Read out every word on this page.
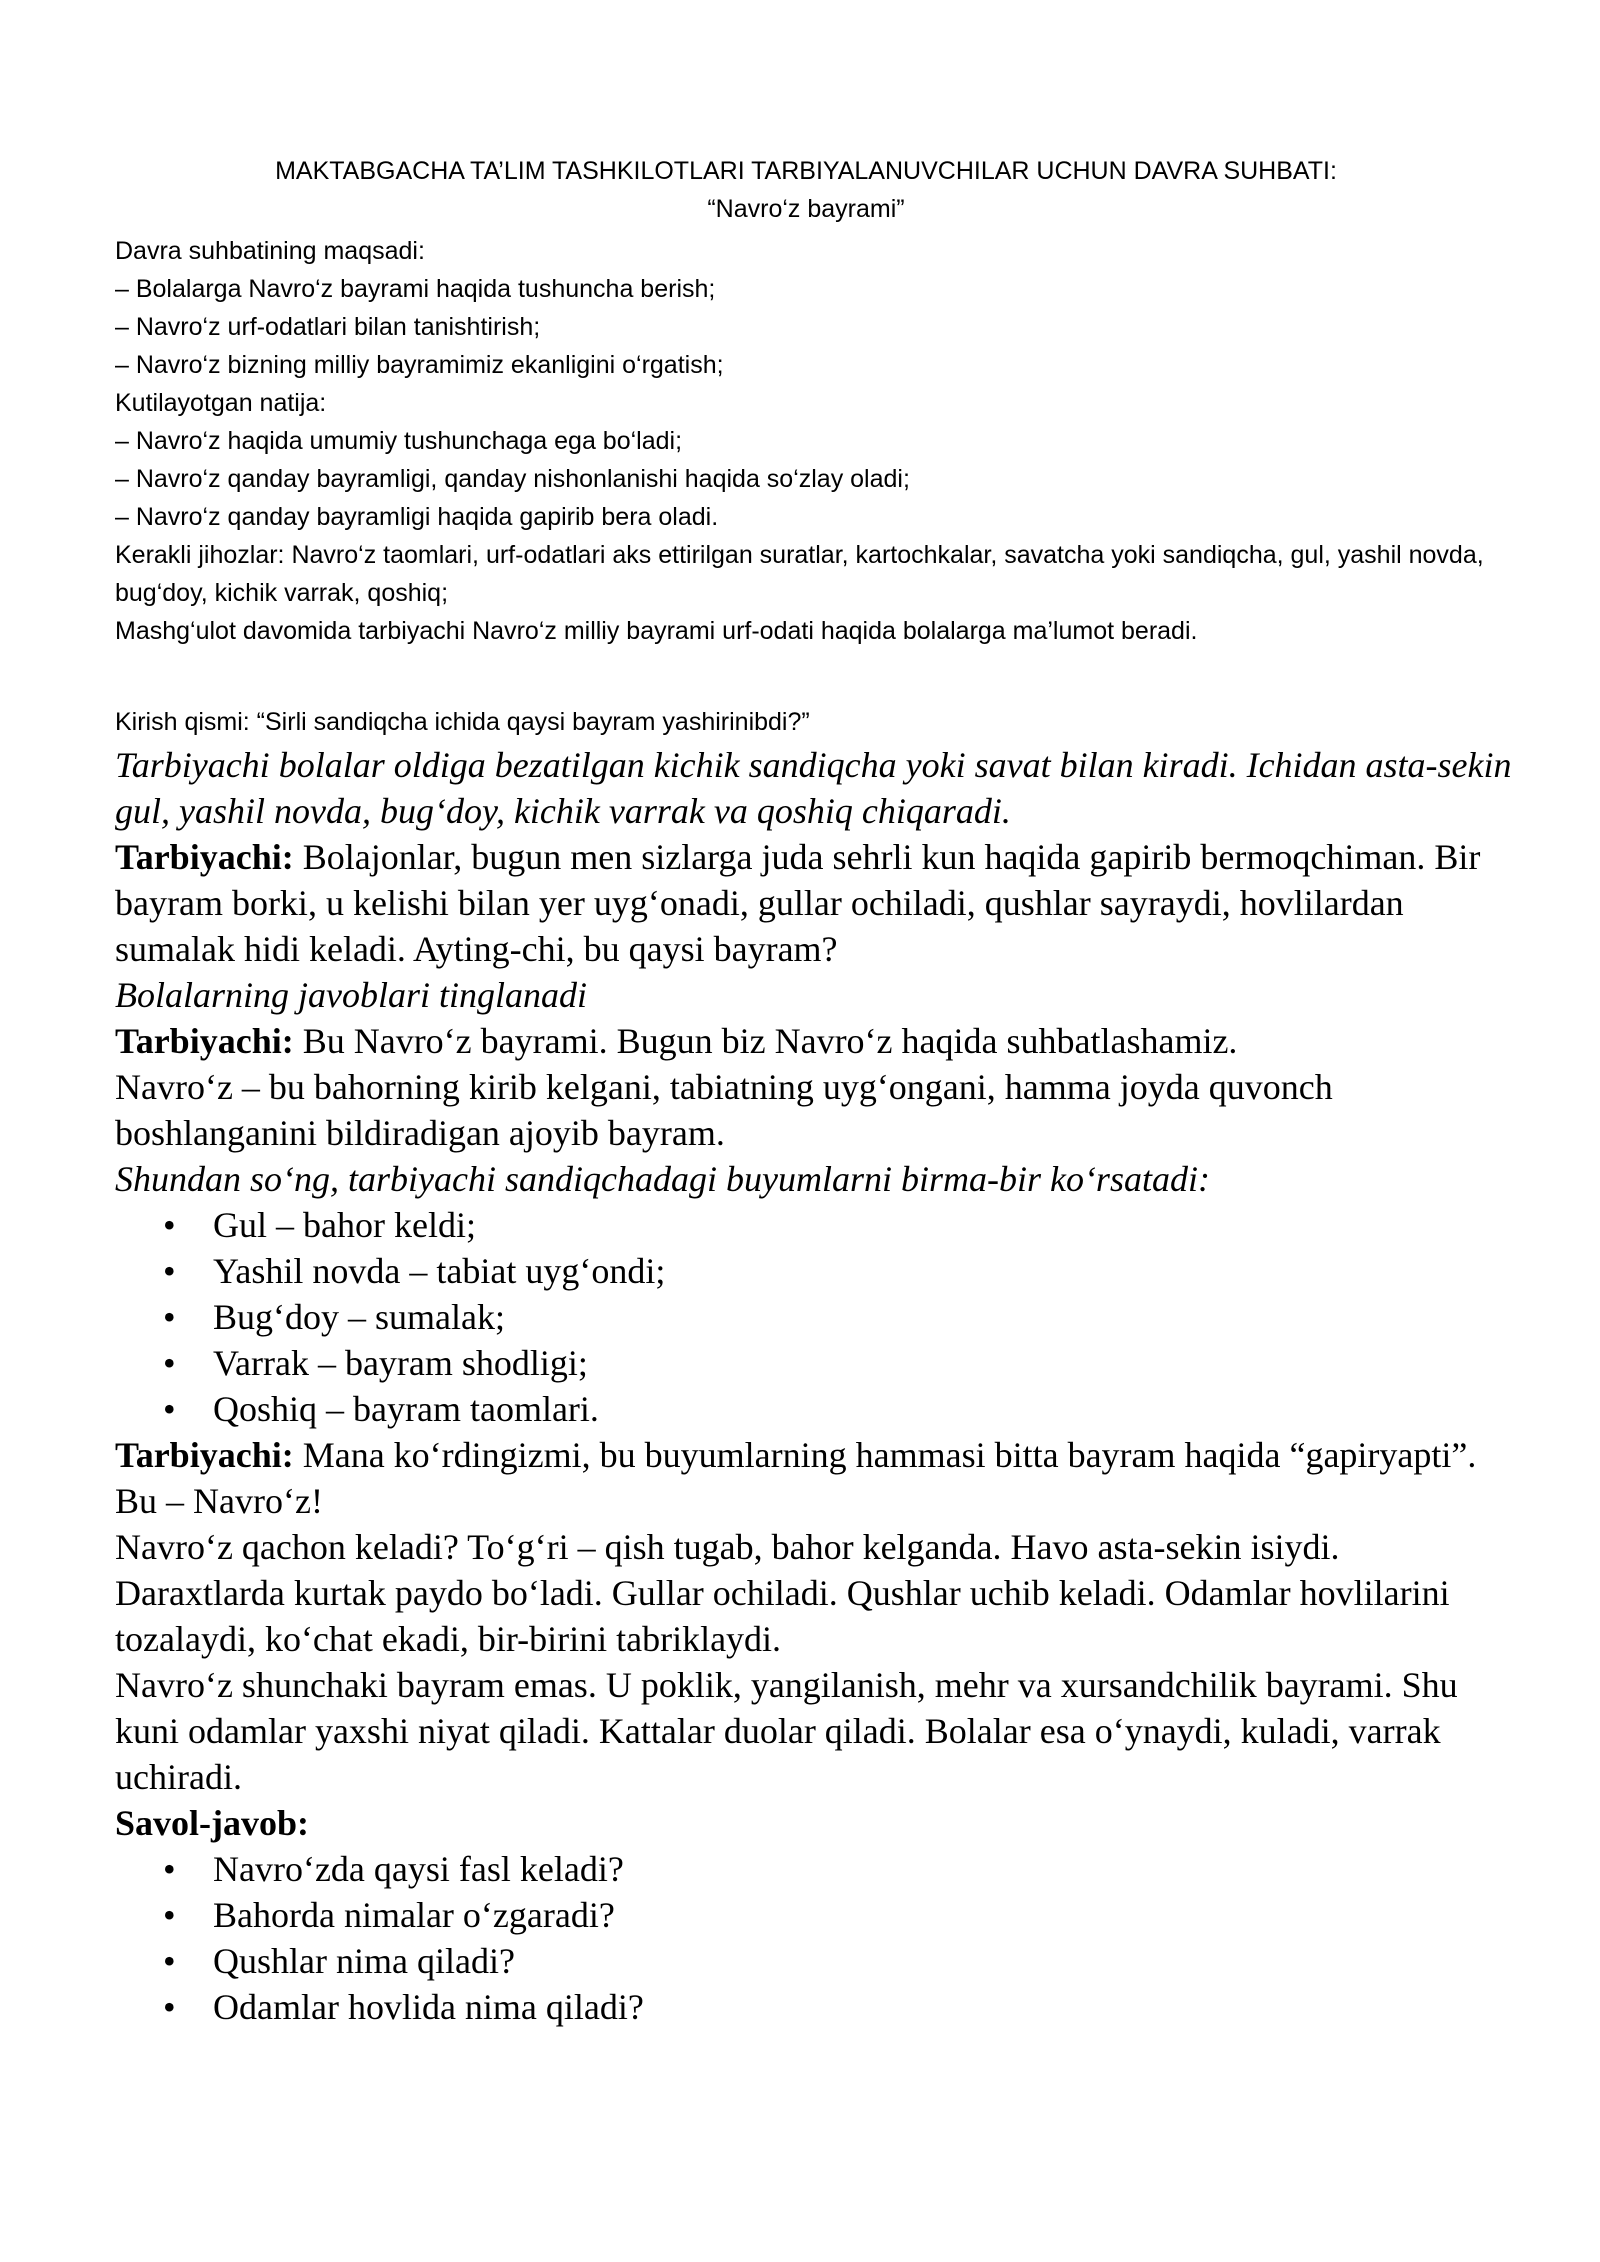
MAKTABGACHA TA’LIM TASHKILOTLARI TARBIYALANUVCHILAR UCHUN DAVRA SUHBATI:
“Navro‘z bayrami”
Davra suhbatining maqsadi:
– Bolalarga Navro‘z bayrami haqida tushuncha berish;
– Navro‘z urf-odatlari bilan tanishtirish;
– Navro‘z bizning milliy bayramimiz ekanligini o‘rgatish;
Kutilayotgan natija:
– Navro‘z haqida umumiy tushunchaga ega bo‘ladi;
– Navro‘z qanday bayramligi, qanday nishonlanishi haqida so‘zlay oladi;
– Navro‘z qanday bayramligi haqida gapirib bera oladi.
Kerakli jihozlar: Navro‘z taomlari, urf-odatlari aks ettirilgan suratlar, kartochkalar, savatcha yoki sandiqcha, gul, yashil novda, bug‘doy, kichik varrak, qoshiq;
Mashg‘ulot davomida tarbiyachi Navro‘z milliy bayrami urf-odati haqida bolalarga ma’lumot beradi.
Kirish qismi: “Sirli sandiqcha ichida qaysi bayram yashirinibdi?”

Tarbiyachi bolalar oldiga bezatilgan kichik sandiqcha yoki savat bilan kiradi. Ichidan asta-sekin gul, yashil novda, bug‘doy, kichik varrak va qoshiq chiqaradi.

Tarbiyachi: Bolajonlar, bugun men sizlarga juda sehrli kun haqida gapirib bermoqchiman. Bir bayram borki, u kelishi bilan yer uyg‘onadi, gullar ochiladi, qushlar sayraydi, hovlilardan sumalak hidi keladi. Ayting-chi, bu qaysi bayram?

Bolalarning javoblari tinglanadi

Tarbiyachi: Bu Navro‘z bayrami. Bugun biz Navro‘z haqida suhbatlashamiz.

Navro‘z – bu bahorning kirib kelgani, tabiatning uyg‘ongani, hamma joyda quvonch boshlanganini bildiradigan ajoyib bayram.

Shundan so‘ng, tarbiyachi sandiqchadagi buyumlarni birma-bir ko‘rsatadi:

• Gul – bahor keldi;
• Yashil novda – tabiat uyg‘ondi;
• Bug‘doy – sumalak;
• Varrak – bayram shodligi;
• Qoshiq – bayram taomlari.

Tarbiyachi: Mana ko‘rdingizmi, bu buyumlarning hammasi bitta bayram haqida “gapiryapti”. Bu – Navro‘z!

Navro‘z qachon keladi? To‘g‘ri – qish tugab, bahor kelganda. Havo asta-sekin isiydi. Daraxtlarda kurtak paydo bo‘ladi. Gullar ochiladi. Qushlar uchib keladi. Odamlar hovlilarini tozalaydi, ko‘chat ekadi, bir-birini tabriklaydi.

Navro‘z shunchaki bayram emas. U poklik, yangilanish, mehr va xursandchilik bayrami. Shu kuni odamlar yaxshi niyat qiladi. Kattalar duolar qiladi. Bolalar esa o‘ynaydi, kuladi, varrak uchiradi.

Savol-javob:

• Navro‘zda qaysi fasl keladi?
• Bahorda nimalar o‘zgaradi?
• Qushlar nima qiladi?
• Odamlar hovlida nima qiladi?
